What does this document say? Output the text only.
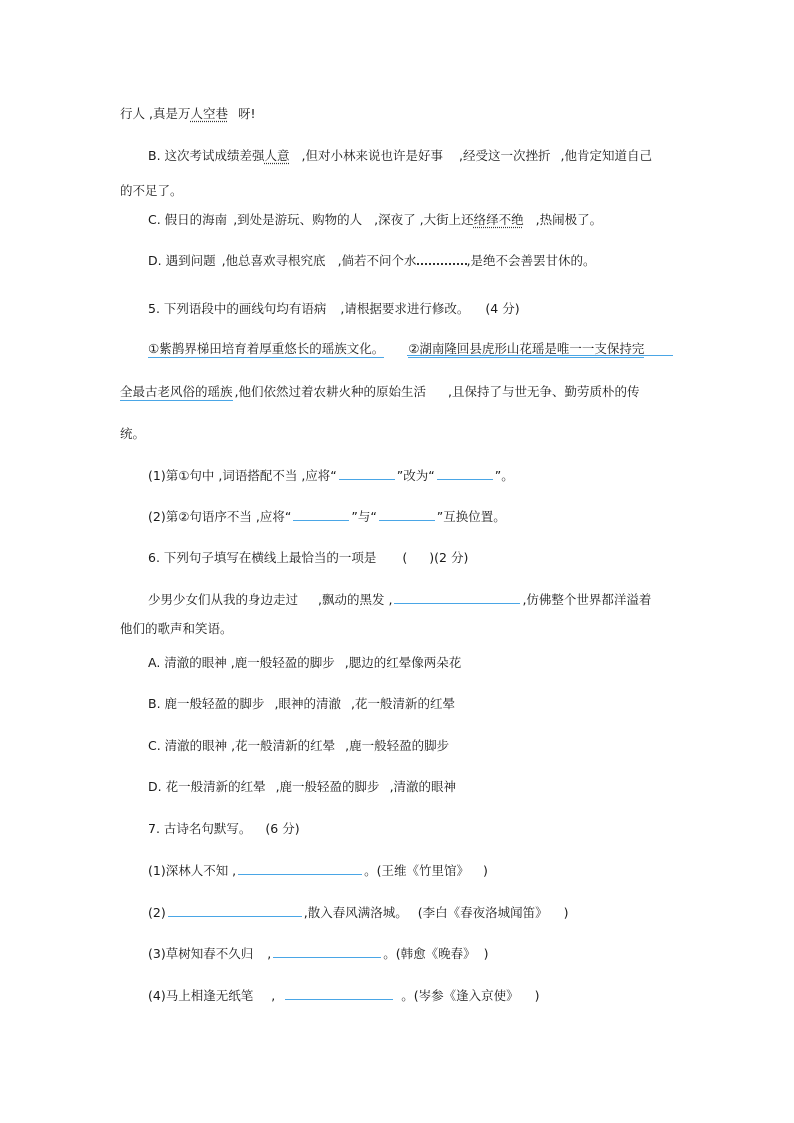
行人 ,真是万人空巷 呀!
B. 这次考试成绩差强人意 ,但对小林来说也许是好事 ,经受这一次挫折 ,他肯定知道自己
的不足了。
C. 假日的海南 ,到处是游玩、购物的人 ,深夜了 ,大街上还络绎不绝 ,热闹极了。
D. 遇到问题 ,他总喜欢寻根究底 ,倘若不问个水	,是绝不会善罢甘休的。
5. 下列语段中的画线句均有语病 ,请根据要求进行修改。 (4 分)
①紫鹊界梯田培育着厚重悠长的瑶族文化。 ②湖南隆回县虎形山花瑶是唯一一支保持完
全最古老风俗的瑶族 ,他们依然过着农耕火种的原始生活 ,且保持了与世无争、勤劳质朴的传
统。
(1)第①句中 ,词语搭配不当 ,应将“	”改为“	”。
(2)第②句语序不当 ,应将“	”与“	”互换位置。
6. 下列句子填写在横线上最恰当的一项是 ( )(2 分)
少男少女们从我的身边走过 ,飘动的黑发 ,	,仿佛整个世界都洋溢着
他们的歌声和笑语。
A. 清澈的眼神 ,鹿一般轻盈的脚步 ,腮边的红晕像两朵花
B. 鹿一般轻盈的脚步 ,眼神的清澈 ,花一般清新的红晕
C. 清澈的眼神 ,花一般清新的红晕 ,鹿一般轻盈的脚步
D. 花一般清新的红晕 ,鹿一般轻盈的脚步 ,清澈的眼神
7. 古诗名句默写。 (6 分)
(1)深林人不知 ,	。(王维《竹里馆》 )
(2)	,散入春风满洛城。 (李白《春夜洛城闻笛》 )
(3)草树知春不久归 ,	。(韩愈《晚春》 )
(4)马上相逢无纸笔 ,	。(岑参《逢入京使》 )
